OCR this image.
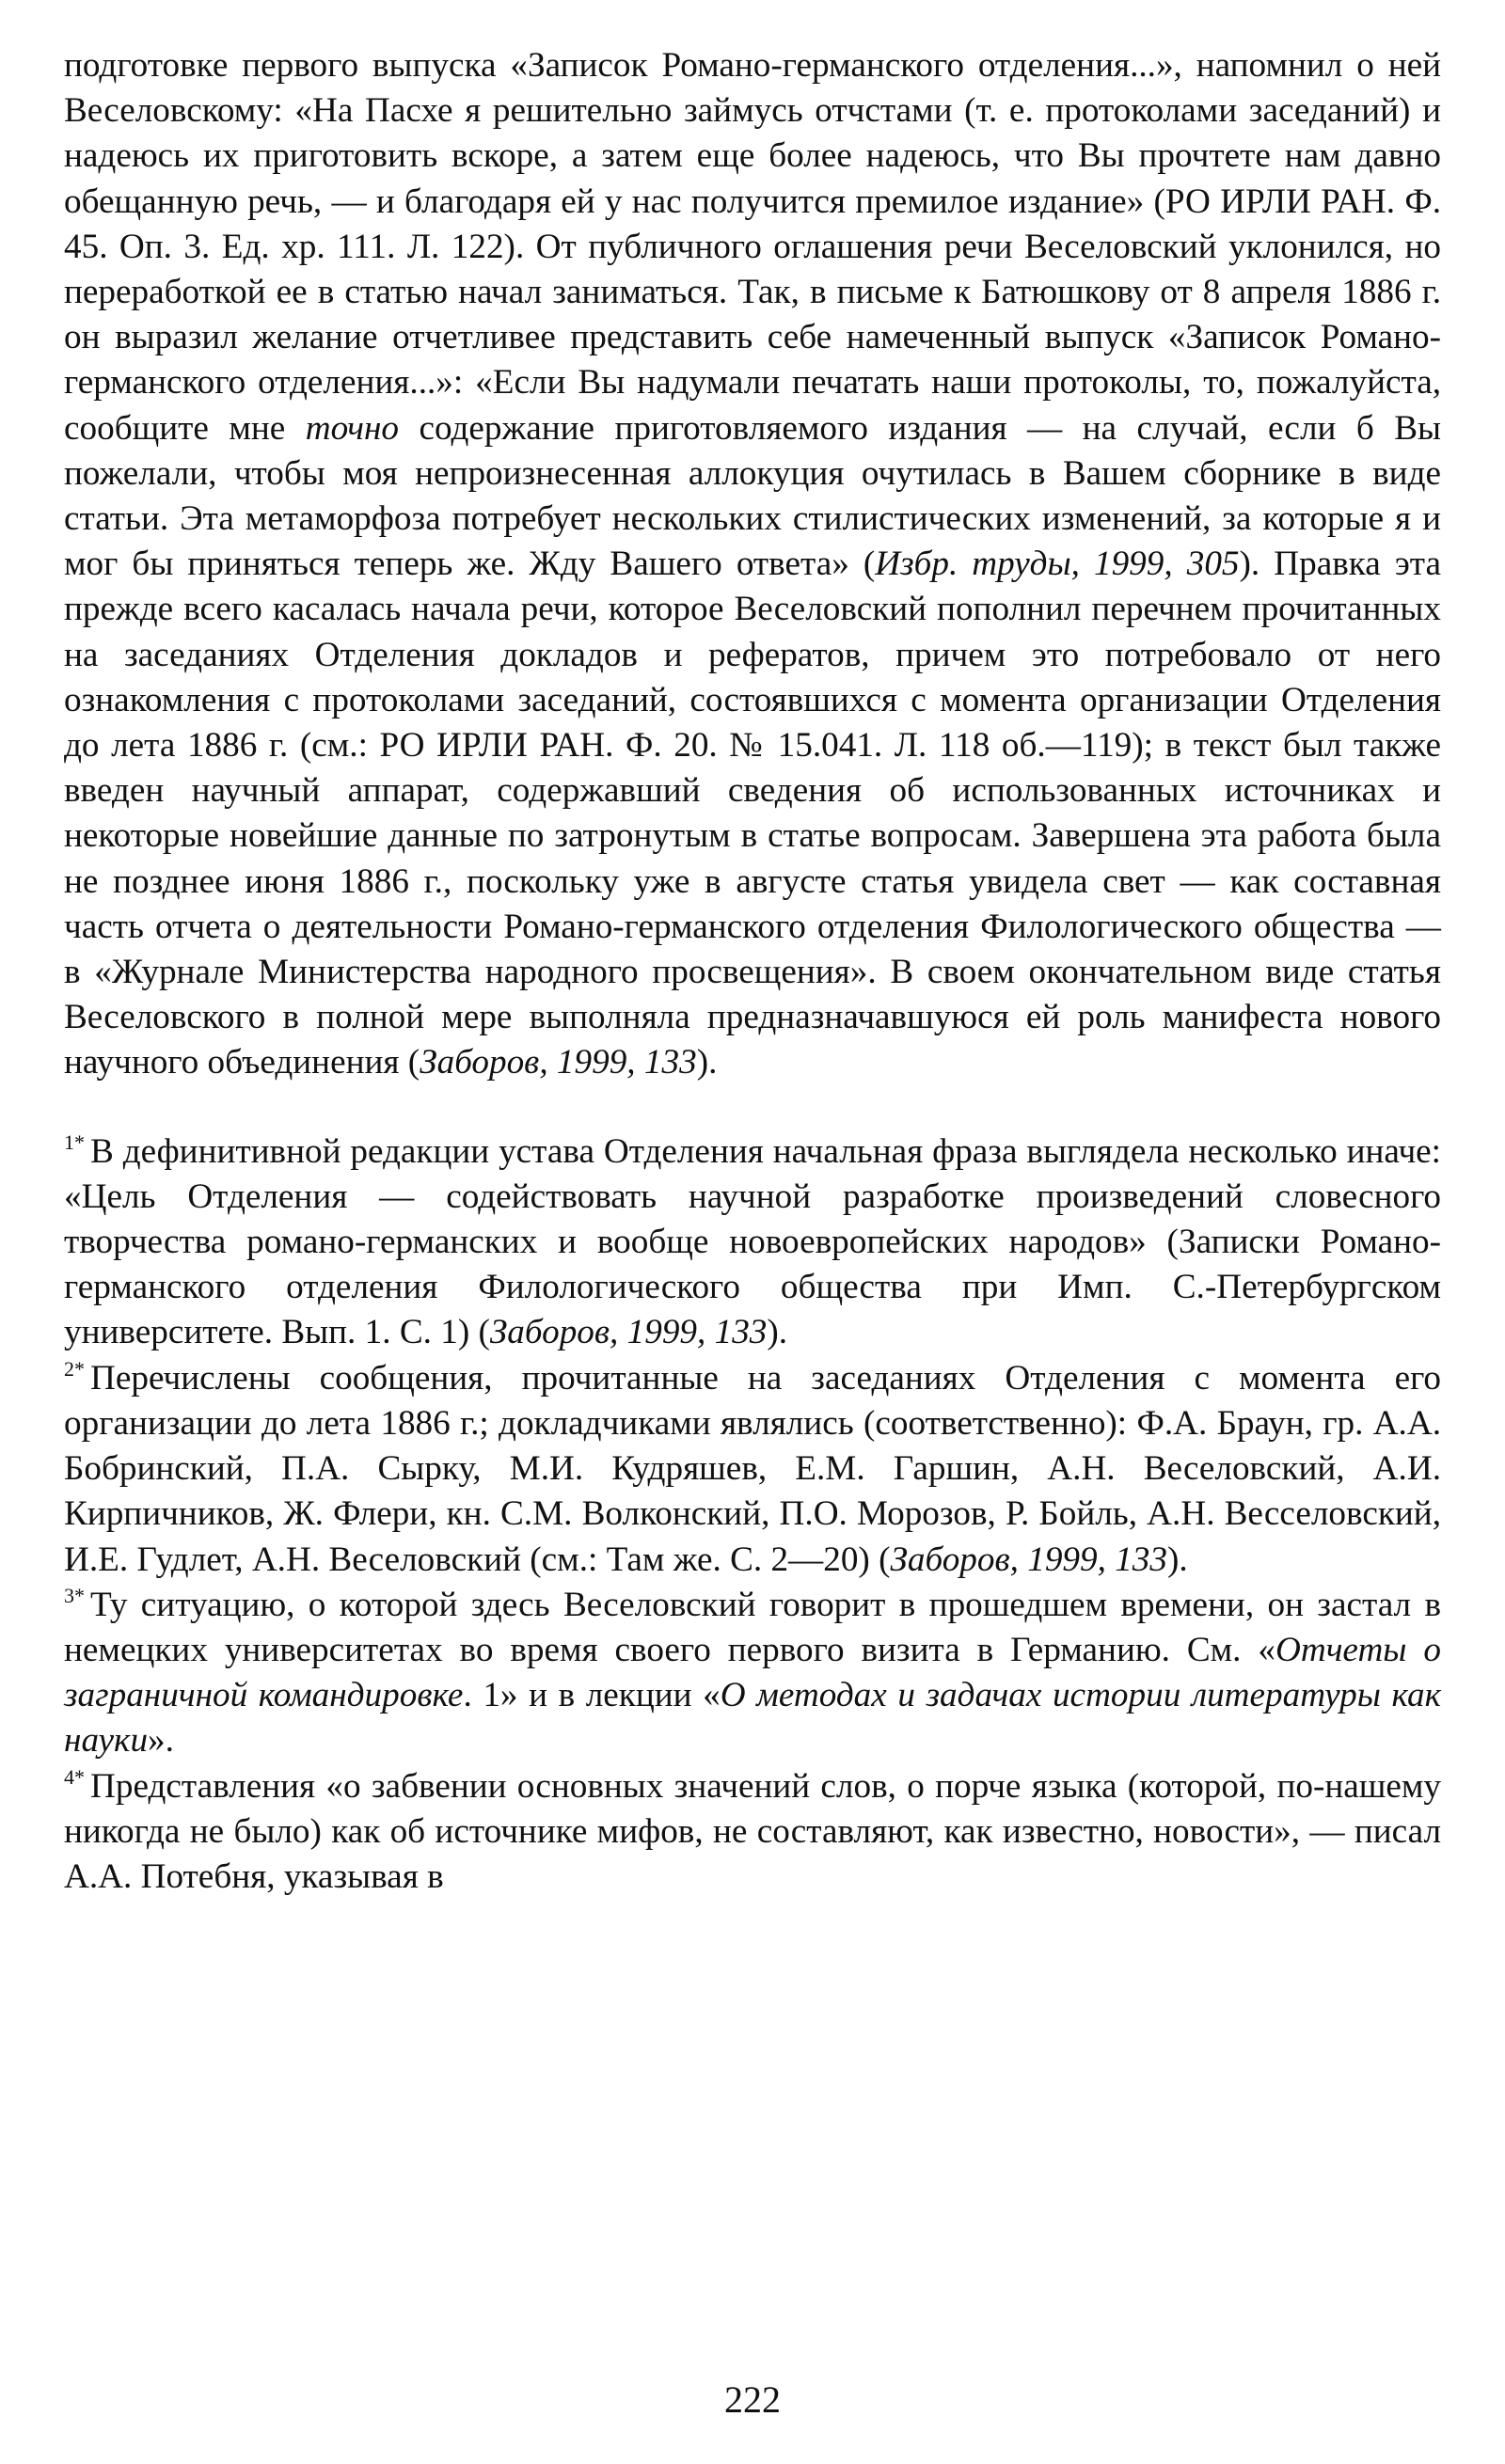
подготовке первого выпуска «Записок Романо-германского отделения...», напомнил о ней Веселовскому: «На Пасхе я решительно займусь отчстами (т. е. протоколами заседаний) и надеюсь их приготовить вскоре, а затем еще более надеюсь, что Вы прочтете нам давно обещанную речь, — и благодаря ей у нас получится премилое издание» (РО ИРЛИ РАН. Ф. 45. Оп. 3. Ед. хр. 111. Л. 122). От публичного оглашения речи Веселовский уклонился, но переработкой ее в статью начал заниматься. Так, в письме к Батюшкову от 8 апреля 1886 г. он выразил желание отчетливее представить себе намеченный выпуск «Записок Романо-германского отделения...»: «Если Вы надумали печатать наши протоколы, то, пожалуйста, сообщите мне точно содержание приготовляемого издания — на случай, если б Вы пожелали, чтобы моя непроизнесенная аллокуция очутилась в Вашем сборнике в виде статьи. Эта метаморфоза потребует нескольких стилистических изменений, за которые я и мог бы приняться теперь же. Жду Вашего ответа» (Избр. труды, 1999, 305). Правка эта прежде всего касалась начала речи, которое Веселовский пополнил перечнем прочитанных на заседаниях Отделения докладов и рефератов, причем это потребовало от него ознакомления с протоколами заседаний, состоявшихся с момента организации Отделения до лета 1886 г. (см.: РО ИРЛИ РАН. Ф. 20. № 15.041. Л. 118 об.—119); в текст был также введен научный аппарат, содержавший сведения об использованных источниках и некоторые новейшие данные по затронутым в статье вопросам. Завершена эта работа была не позднее июня 1886 г., поскольку уже в августе статья увидела свет — как составная часть отчета о деятельности Романо-германского отделения Филологического общества — в «Журнале Министерства народного просвещения». В своем окончательном виде статья Веселовского в полной мере выполняла предназначавшуюся ей роль манифеста нового научного объединения (Заборов, 1999, 133).

$^{1*}$ В дефинитивной редакции устава Отделения начальная фраза выглядела несколько иначе: «Цель Отделения — содействовать научной разработке произведений словесного творчества романо-германских и вообще новоевропейских народов» (Записки Романо-германского отделения Филологического общества при Имп. С.-Петербургском университете. Вып. 1. С. 1) (Заборов, 1999, 133).

$^{2*}$ Перечислены сообщения, прочитанные на заседаниях Отделения с момента его организации до лета 1886 г.; докладчиками являлись (соответственно): Ф.А. Браун, гр. А.А. Бобринский, П.А. Сырку, М.И. Кудряшев, Е.М. Гаршин, А.Н. Веселовский, А.И. Кирпичников, Ж. Флери, кн. С.М. Волконский, П.О. Морозов, Р. Бойль, А.Н. Весселовский, И.Е. Гудлет, А.Н. Веселовский (см.: Там же. С. 2—20) (Заборов, 1999, 133).

$^{3*}$ Ту ситуацию, о которой здесь Веселовский говорит в прошедшем времени, он застал в немецких университетах во время своего первого визита в Германию. См. «Отчеты о заграничной командировке. 1» и в лекции «О методах и задачах истории литературы как науки».

$^{4*}$ Представления «о забвении основных значений слов, о порче языка (которой, по-нашему никогда не было) как об источнике мифов, не составляют, как известно, новости», — писал А.А. Потебня, указывая в

222
